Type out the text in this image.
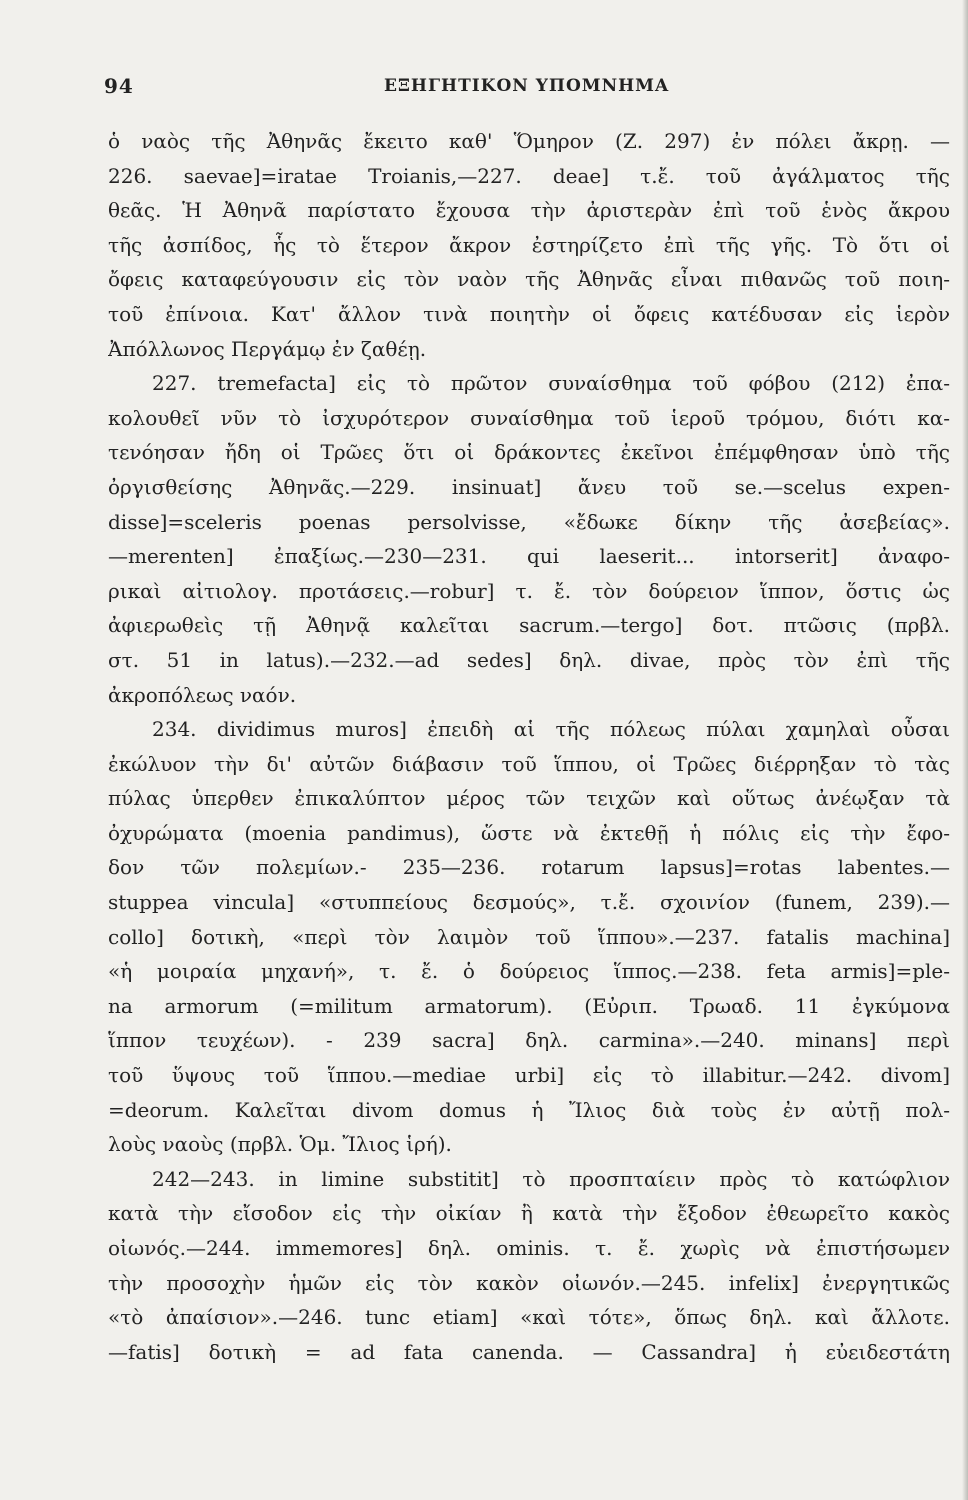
94	ΕΞΗΓΗΤΙΚΟΝ ΥΠΟΜΝΗΜΑ
ὁ ναὸς τῆς Ἀθηνᾶς ἔκειτο καθ' Ὅμηρον (Ζ. 297) ἐν πόλει ἄκρῃ. —
226. saevae]=iratae Troianis,—227. deae] τ.ἔ. τοῦ ἀγάλματος τῆς
θεᾶς. Ἡ Ἀθηνᾶ παρίστατο ἔχουσα τὴν ἀριστερὰν ἐπὶ τοῦ ἑνὸς ἄκρου
τῆς ἀσπίδος, ἧς τὸ ἕτερον ἄκρον ἐστηρίζετο ἐπὶ τῆς γῆς. Τὸ ὅτι οἱ
ὄφεις καταφεύγουσιν εἰς τὸν ναὸν τῆς Ἀθηνᾶς εἶναι πιθανῶς τοῦ ποιη-
τοῦ ἐπίνοια. Κατ' ἄλλον τινὰ ποιητὴν οἱ ὄφεις κατέδυσαν εἰς ἱερὸν
Ἀπόλλωνος Περγάμῳ ἐν ζαθέῃ.
227. tremefacta] εἰς τὸ πρῶτον συναίσθημα τοῦ φόβου (212) ἐπα-
κολουθεῖ νῦν τὸ ἰσχυρότερον συναίσθημα τοῦ ἱεροῦ τρόμου, διότι κα-
τενόησαν ἤδη οἱ Τρῶες ὅτι οἱ δράκοντες ἐκεῖνοι ἐπέμφθησαν ὑπὸ τῆς
ὀργισθείσης Ἀθηνᾶς.—229. insinuat] ἄνευ τοῦ se.—scelus expen-
disse]=sceleris poenas persolvisse, «ἔδωκε δίκην τῆς ἀσεβείας».
—merenten] ἐπαξίως.—230—231. qui laeserit... intorserit] ἀναφο-
ρικαὶ αἰτιολογ. προτάσεις.—robur] τ. ἔ. τὸν δούρειον ἵππον, ὅστις ὡς
ἀφιερωθεὶς τῇ Ἀθηνᾷ καλεῖται sacrum.—tergo] δοτ. πτῶσις (πρβλ.
στ. 51 in latus).—232.—ad sedes] δηλ. divae, πρὸς τὸν ἐπὶ τῆς
ἀκροπόλεως ναόν.
234. dividimus muros] ἐπειδὴ αἱ τῆς πόλεως πύλαι χαμηλαὶ οὖσαι
ἐκώλυον τὴν δι' αὐτῶν διάβασιν τοῦ ἵππου, οἱ Τρῶες διέρρηξαν τὸ τὰς
πύλας ὑπερθεν ἐπικαλύπτον μέρος τῶν τειχῶν καὶ οὕτως ἀνέῳξαν τὰ
ὀχυρώματα (moenia pandimus), ὥστε νὰ ἐκτεθῇ ἡ πόλις εἰς τὴν ἔφο-
δον τῶν πολεμίων.- 235—236. rotarum lapsus]=rotas labentes.—
stuppea vincula] «στυππείους δεσμούς», τ.ἔ. σχοινίον (funem, 239).—
collo] δοτικὴ, «περὶ τὸν λαιμὸν τοῦ ἵππου».—237. fatalis machina]
«ἡ μοιραία μηχανή», τ. ἔ. ὁ δούρειος ἵππος.—238. feta armis]=ple-
na armorum (=militum armatorum). (Εὐριπ. Τρωαδ. 11 ἐγκύμονα
ἵππον τευχέων). - 239 sacra] δηλ. carmina».—240. minans] περὶ
τοῦ ὕψους τοῦ ἵππου.—mediae urbi] εἰς τὸ illabitur.—242. divom]
=deorum. Καλεῖται divom domus ἡ Ἴλιος διὰ τοὺς ἐν αὐτῇ πολ-
λοὺς ναοὺς (πρβλ. Ὁμ. Ἴλιος ἱρή).
242—243. in limine substitit] τὸ προσπταίειν πρὸς τὸ κατώφλιον
κατὰ τὴν εἴσοδον εἰς τὴν οἰκίαν ἢ κατὰ τὴν ἔξοδον ἐθεωρεῖτο κακὸς
οἰωνός.—244. immemores] δηλ. ominis. τ. ἔ. χωρὶς νὰ ἐπιστήσωμεν
τὴν προσοχὴν ἡμῶν εἰς τὸν κακὸν οἰωνόν.—245. infelix] ἐνεργητικῶς
«τὸ ἀπαίσιον».—246. tunc etiam] «καὶ τότε», ὅπως δηλ. καὶ ἄλλοτε.
—fatis] δοτικὴ = ad fata canenda. — Cassandra] ἡ εὐειδεστάτη
